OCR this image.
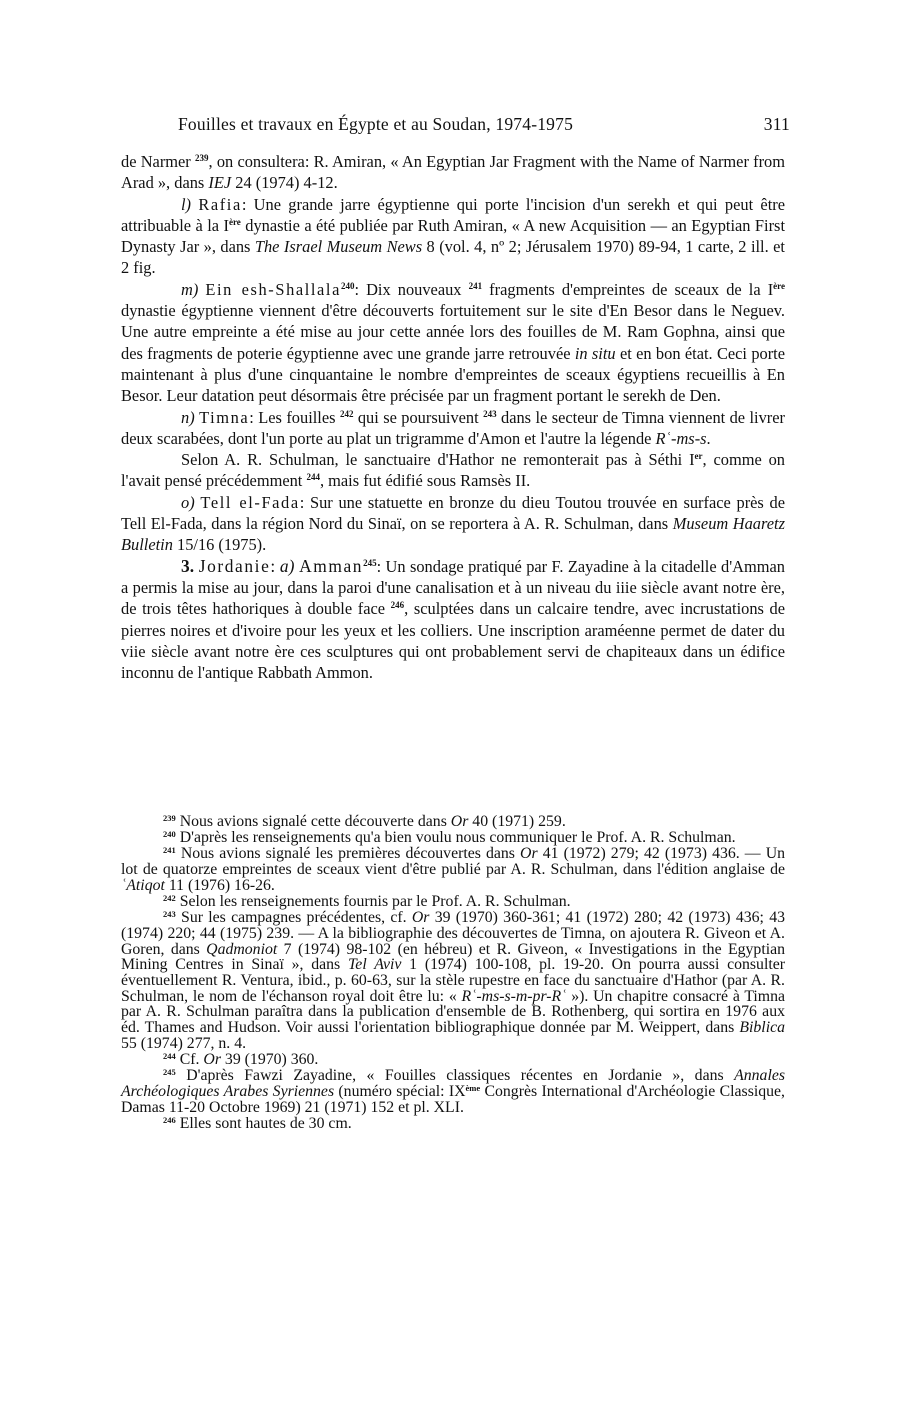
Fouilles et travaux en Égypte et au Soudan, 1974-1975	311

de Narmer $^{239}$, on consultera: R. Amiran, « An Egyptian Jar Fragment with the Name of Narmer from Arad », dans IEJ 24 (1974) 4-12.

l) Rafia: Une grande jarre égyptienne qui porte l'incision d'un serekh et qui peut être attribuable à la Ière dynastie a été publiée par Ruth Amiran, « A new Acquisition — an Egyptian First Dynasty Jar », dans The Israel Museum News 8 (vol. 4, nº 2; Jérusalem 1970) 89-94, 1 carte, 2 ill. et 2 fig.

m) Ein esh-Shallala$^{240}$: Dix nouveaux $^{241}$ fragments d'empreintes de sceaux de la Ière dynastie égyptienne viennent d'être découverts fortuitement sur le site d'En Besor dans le Neguev. Une autre empreinte a été mise au jour cette année lors des fouilles de M. Ram Gophna, ainsi que des fragments de poterie égyptienne avec une grande jarre retrouvée in situ et en bon état. Ceci porte maintenant à plus d'une cinquantaine le nombre d'empreintes de sceaux égyptiens recueillis à En Besor. Leur datation peut désormais être précisée par un fragment portant le serekh de Den.

n) Timna: Les fouilles $^{242}$ qui se poursuivent $^{243}$ dans le secteur de Timna viennent de livrer deux scarabées, dont l'un porte au plat un trigramme d'Amon et l'autre la légende Rʿ-ms-s.

Selon A. R. Schulman, le sanctuaire d'Hathor ne remonterait pas à Séthi Ier, comme on l'avait pensé précédemment $^{244}$, mais fut édifié sous Ramsès II.

o) Tell el-Fada: Sur une statuette en bronze du dieu Toutou trouvée en surface près de Tell El-Fada, dans la région Nord du Sinaï, on se reportera à A. R. Schulman, dans Museum Haaretz Bulletin 15/16 (1975).

3. Jordanie: a) Amman$^{245}$: Un sondage pratiqué par F. Zayadine à la citadelle d'Amman a permis la mise au jour, dans la paroi d'une canalisation et à un niveau du iiie siècle avant notre ère, de trois têtes hathoriques à double face $^{246}$, sculptées dans un calcaire tendre, avec incrustations de pierres noires et d'ivoire pour les yeux et les colliers. Une inscription araméenne permet de dater du viie siècle avant notre ère ces sculptures qui ont probablement servi de chapiteaux dans un édifice inconnu de l'antique Rabbath Ammon.

$^{239}$ Nous avions signalé cette découverte dans Or 40 (1971) 259.

$^{240}$ D'après les renseignements qu'a bien voulu nous communiquer le Prof. A. R. Schulman.

$^{241}$ Nous avions signalé les premières découvertes dans Or 41 (1972) 279; 42 (1973) 436. — Un lot de quatorze empreintes de sceaux vient d'être publié par A. R. Schulman, dans l'édition anglaise de ʿAtiqot 11 (1976) 16-26.

$^{242}$ Selon les renseignements fournis par le Prof. A. R. Schulman.

$^{243}$ Sur les campagnes précédentes, cf. Or 39 (1970) 360-361; 41 (1972) 280; 42 (1973) 436; 43 (1974) 220; 44 (1975) 239. — A la bibliographie des découvertes de Timna, on ajoutera R. Giveon et A. Goren, dans Qadmoniot 7 (1974) 98-102 (en hébreu) et R. Giveon, « Investigations in the Egyptian Mining Centres in Sinaï », dans Tel Aviv 1 (1974) 100-108, pl. 19-20. On pourra aussi consulter éventuellement R. Ventura, ibid., p. 60-63, sur la stèle rupestre en face du sanctuaire d'Hathor (par A. R. Schulman, le nom de l'échanson royal doit être lu: « Rʿ-ms-s-m-pr-Rʿ »). Un chapitre consacré à Timna par A. R. Schulman paraîtra dans la publication d'ensemble de B. Rothenberg, qui sortira en 1976 aux éd. Thames and Hudson. Voir aussi l'orientation bibliographique donnée par M. Weippert, dans Biblica 55 (1974) 277, n. 4.

$^{244}$ Cf. Or 39 (1970) 360.

$^{245}$ D'après Fawzi Zayadine, « Fouilles classiques récentes en Jordanie », dans Annales Archéologiques Arabes Syriennes (numéro spécial: IXème Congrès International d'Archéologie Classique, Damas 11-20 Octobre 1969) 21 (1971) 152 et pl. XLI.

$^{246}$ Elles sont hautes de 30 cm.
